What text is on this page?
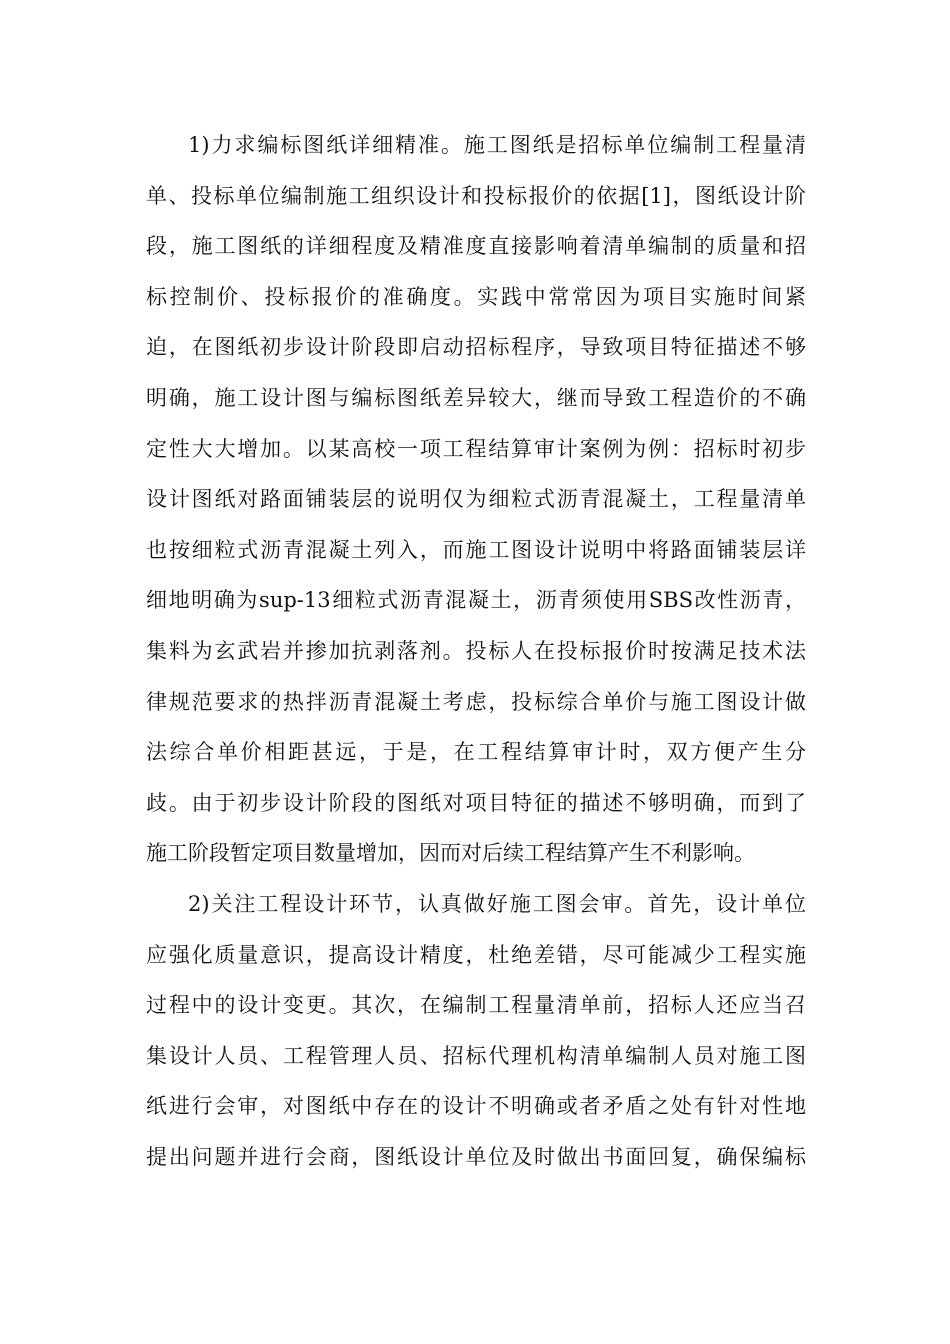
1)力求编标图纸详细精准。施工图纸是招标单位编制工程量清
单、投标单位编制施工组织设计和投标报价的依据[1]，图纸设计阶
段，施工图纸的详细程度及精准度直接影响着清单编制的质量和招
标控制价、投标报价的准确度。实践中常常因为项目实施时间紧
迫，在图纸初步设计阶段即启动招标程序，导致项目特征描述不够
明确，施工设计图与编标图纸差异较大，继而导致工程造价的不确
定性大大增加。以某高校一项工程结算审计案例为例：招标时初步
设计图纸对路面铺装层的说明仅为细粒式沥青混凝土，工程量清单
也按细粒式沥青混凝土列入，而施工图设计说明中将路面铺装层详
细地明确为sup-13细粒式沥青混凝土，沥青须使用SBS改性沥青，
集料为玄武岩并掺加抗剥落剂。投标人在投标报价时按满足技术法
律规范要求的热拌沥青混凝土考虑，投标综合单价与施工图设计做
法综合单价相距甚远，于是，在工程结算审计时，双方便产生分
歧。由于初步设计阶段的图纸对项目特征的描述不够明确，而到了
施工阶段暂定项目数量增加，因而对后续工程结算产生不利影响。
2)关注工程设计环节，认真做好施工图会审。首先，设计单位
应强化质量意识，提高设计精度，杜绝差错，尽可能减少工程实施
过程中的设计变更。其次，在编制工程量清单前，招标人还应当召
集设计人员、工程管理人员、招标代理机构清单编制人员对施工图
纸进行会审，对图纸中存在的设计不明确或者矛盾之处有针对性地
提出问题并进行会商，图纸设计单位及时做出书面回复，确保编标
